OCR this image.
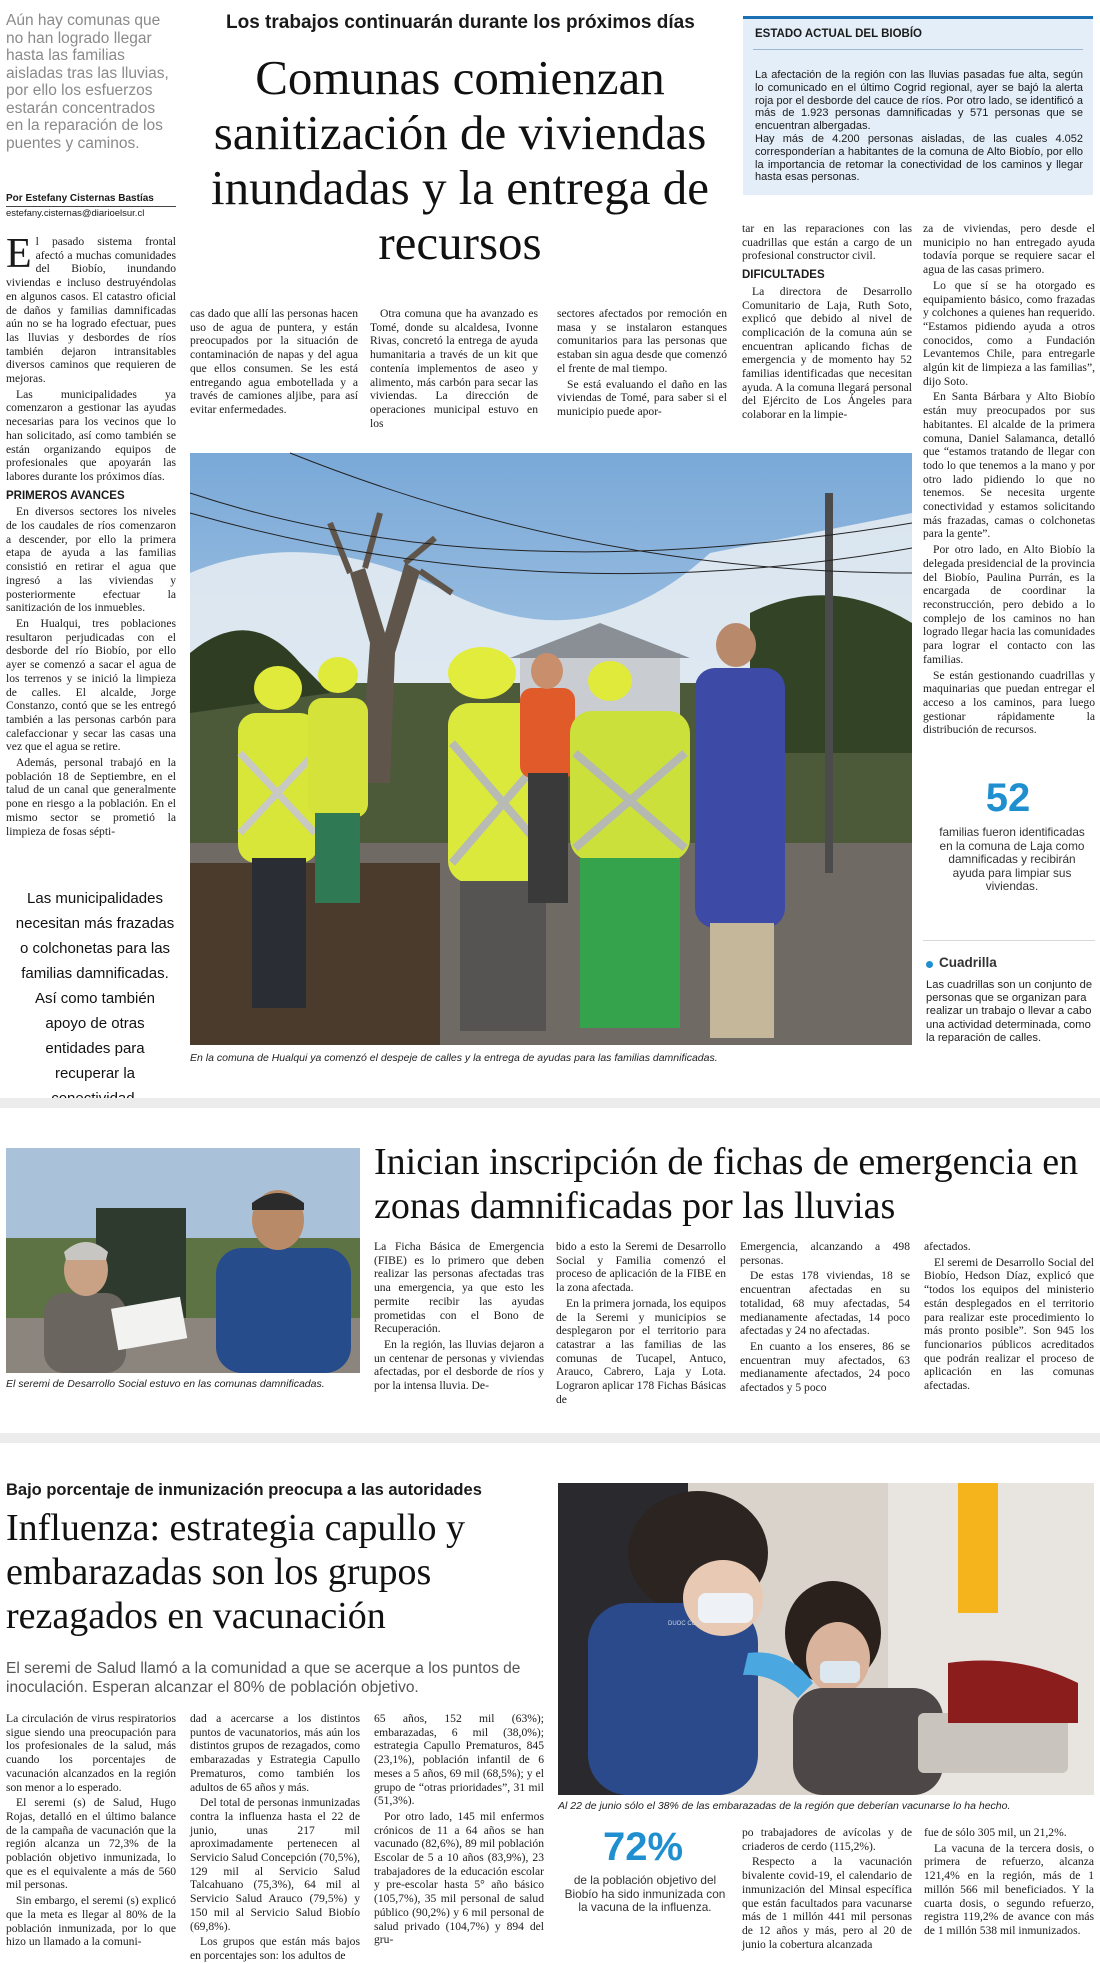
Aún hay comunas que no han logrado llegar hasta las familias aisladas tras las lluvias, por ello los esfuerzos estarán concentrados en la reparación de los puentes y caminos.
Por Estefany Cisternas Bastías
estefany.cisternas@diarioelsur.cl
Los trabajos continuarán durante los próximos días
Comunas comienzan sanitización de viviendas inundadas y la entrega de recursos
ESTADO ACTUAL DEL BIOBÍO
La afectación de la región con las lluvias pasadas fue alta, según lo comunicado en el último Cogrid regional, ayer se bajó la alerta roja por el desborde del cauce de ríos. Por otro lado, se identificó a más de 1.923 personas damnificadas y 571 personas que se encuentran albergadas.
Hay más de 4.200 personas aisladas, de las cuales 4.052 corresponderían a habitantes de la comuna de Alto Biobío, por ello la importancia de retomar la conectividad de los caminos y llegar hasta esas personas.

El pasado sistema frontal afectó a muchas comunidades del Biobío, inundando viviendas e incluso destruyéndolas en algunos casos. El catastro oficial de daños y familias damnificadas aún no se ha logrado efectuar, pues las lluvias y desbordes de ríos también dejaron intransitables diversos caminos que requieren de mejoras.

Las municipalidades ya comenzaron a gestionar las ayudas necesarias para los vecinos que lo han solicitado, así como también se están organizando equipos de profesionales que apoyarán las labores durante los próximos días.

PRIMEROS AVANCES

En diversos sectores los niveles de los caudales de ríos comenzaron a descender, por ello la primera etapa de ayuda a las familias consistió en retirar el agua que ingresó a las viviendas y posteriormente efectuar la sanitización de los inmuebles.

En Hualqui, tres poblaciones resultaron perjudicadas con el desborde del río Biobío, por ello ayer se comenzó a sacar el agua de los terrenos y se inició la limpieza de calles. El alcalde, Jorge Constanzo, contó que se les entregó también a las personas carbón para calefaccionar y secar las casas una vez que el agua se retire.

Además, personal trabajó en la población 18 de Septiembre, en el talud de un canal que generalmente pone en riesgo a la población. En el mismo sector se prometió la limpieza de fosas sépti-

Las municipalidades necesitan más frazadas o colchonetas para las familias damnificadas. Así como también apoyo de otras entidades para recuperar la

cas dado que allí las personas hacen uso de agua de puntera, y están preocupados por la situación de contaminación de napas y del agua que ellos consumen. Se les está entregando agua embotellada y a través de camiones aljibe, para así evitar enfermedades.

Otra comuna que ha avanzado es Tomé, donde su alcaldesa, Ivonne Rivas, concretó la entrega de ayuda humanitaria a través de un kit que contenía implementos de aseo y alimento, más carbón para secar las viviendas. La dirección de operaciones municipal estuvo en los

sectores afectados por remoción en masa y se instalaron estanques comunitarios para las personas que estaban sin agua desde que comenzó el frente de mal tiempo.

Se está evaluando el daño en las viviendas de Tomé, para saber si el municipio puede apor-

tar en las reparaciones con las cuadrillas que están a cargo de un profesional constructor civil.

DIFICULTADES

La directora de Desarrollo Comunitario de Laja, Ruth Soto, explicó que debido al nivel de complicación de la comuna aún se encuentran aplicando fichas de emergencia y de momento hay 52 familias identificadas que necesitan ayuda. A la comuna llegará personal del Ejército de Los Ángeles para colaborar en la limpie-

za de viviendas, pero desde el municipio no han entregado ayuda todavía porque se requiere sacar el agua de las casas primero.

Lo que sí se ha otorgado es equipamiento básico, como frazadas y colchones a quienes han requerido. “Estamos pidiendo ayuda a otros conocidos, como a Fundación Levantemos Chile, para entregarle algún kit de limpieza a las familias”, dijo Soto.

En Santa Bárbara y Alto Biobío están muy preocupados por sus habitantes. El alcalde de la primera comuna, Daniel Salamanca, detalló que “estamos tratando de llegar con todo lo que tenemos a la mano y por otro lado pidiendo lo que no tenemos. Se necesita urgente conectividad y estamos solicitando más frazadas, camas o colchonetas para la gente”.

Por otro lado, en Alto Biobío la delegada presidencial de la provincia del Biobío, Paulina Purrán, es la encargada de coordinar la reconstrucción, pero debido a lo complejo de los caminos no han logrado llegar hacia las comunidades para lograr el contacto con las familias.

Se están gestionando cuadrillas y maquinarias que puedan entregar el acceso a los caminos, para luego gestionar rápidamente la distribución de recursos.

En la comuna de Hualqui ya comenzó el despeje de calles y la entrega de ayudas para las familias damnificadas.
52
familias fueron identificadas en la comuna de Laja como damnificadas y recibirán ayuda para limpiar sus viviendas.
Cuadrilla
Las cuadrillas son un conjunto de personas que se organizan para realizar un trabajo o llevar a cabo una actividad determinada, como la reparación de calles.
El seremi de Desarrollo Social estuvo en las comunas damnificadas.
Inician inscripción de fichas de emergencia en zonas damnificadas por las lluvias

La Ficha Básica de Emergencia (FIBE) es lo primero que deben realizar las personas afectadas tras una emergencia, ya que esto les permite recibir las ayudas prometidas con el Bono de Recuperación.

En la región, las lluvias dejaron a un centenar de personas y viviendas afectadas, por el desborde de ríos y por la intensa lluvia. De-

bido a esto la Seremi de Desarrollo Social y Familia comenzó el proceso de aplicación de la FIBE en la zona afectada.

En la primera jornada, los equipos de la Seremi y municipios se desplegaron por el territorio para catastrar a las familias de las comunas de Tucapel, Antuco, Arauco, Cabrero, Laja y Lota. Lograron aplicar 178 Fichas Básicas de

Emergencia, alcanzando a 498 personas.

De estas 178 viviendas, 18 se encuentran afectadas en su totalidad, 68 muy afectadas, 54 medianamente afectadas, 14 poco afectadas y 24 no afectadas.

En cuanto a los enseres, 86 se encuentran muy afectados, 63 medianamente afectados, 24 poco afectados y 5 poco

afectados.

El seremi de Desarrollo Social del Biobío, Hedson Díaz, explicó que “todos los equipos del ministerio están desplegados en el territorio para realizar este procedimiento lo más pronto posible”. Son 945 los funcionarios públicos acreditados que podrán realizar el proceso de aplicación en las comunas afectadas.

Bajo porcentaje de inmunización preocupa a las autoridades
Influenza: estrategia capullo y embarazadas son los grupos rezagados en vacunación
El seremi de Salud llamó a la comunidad a que se acerque a los puntos de inoculación. Esperan alcanzar el 80% de población objetivo.

La circulación de virus respiratorios sigue siendo una preocupación para los profesionales de la salud, más cuando los porcentajes de vacunación alcanzados en la región son menor a lo esperado.

El seremi (s) de Salud, Hugo Rojas, detalló en el último balance de la campaña de vacunación que la región alcanza un 72,3% de la población objetivo inmunizada, lo que es el equivalente a más de 560 mil personas.

Sin embargo, el seremi (s) explicó que la meta es llegar al 80% de la población inmunizada, por lo que hizo un llamado a la comuni-

dad a acercarse a los distintos puntos de vacunatorios, más aún los distintos grupos de rezagados, como embarazadas y Estrategia Capullo Prematuros, como también los adultos de 65 años y más.

Del total de personas inmunizadas contra la influenza hasta el 22 de junio, unas 217 mil aproximadamente pertenecen al Servicio Salud Concepción (70,5%), 129 mil al Servicio Salud Talcahuano (75,3%), 64 mil al Servicio Salud Arauco (79,5%) y 150 mil al Servicio Salud Biobío (69,8%).

Los grupos que están más bajos en porcentajes son: los adultos de

65 años, 152 mil (63%); embarazadas, 6 mil (38,0%); estrategia Capullo Prematuros, 845 (23,1%), población infantil de 6 meses a 5 años, 69 mil (68,5%); y el grupo de “otras prioridades”, 31 mil (51,3%).

Por otro lado, 145 mil enfermos crónicos de 11 a 64 años se han vacunado (82,6%), 89 mil población Escolar de 5 a 10 años (83,9%), 23 trabajadores de la educación escolar y pre-escolar hasta 5° año básico (105,7%), 35 mil personal de salud público (90,2%) y 6 mil personal de salud privado (104,7%) y 894 del gru-

DUOC CON
Al 22 de junio sólo el 38% de las embarazadas de la región que deberían vacunarse lo ha hecho.
72%
de la población objetivo del Biobío ha sido inmunizada con la vacuna de la influenza.

po trabajadores de avícolas y de criaderos de cerdo (115,2%).

Respecto a la vacunación bivalente covid-19, el calendario de inmunización del Minsal específica que están facultados para vacunarse más de 1 millón 441 mil personas de 12 años y más, pero al 20 de junio la cobertura alcanzada

fue de sólo 305 mil, un 21,2%.

La vacuna de la tercera dosis, o primera de refuerzo, alcanza 121,4% en la región, más de 1 millón 566 mil beneficiados. Y la cuarta dosis, o segundo refuerzo, registra 119,2% de avance con más de 1 millón 538 mil inmunizados.
